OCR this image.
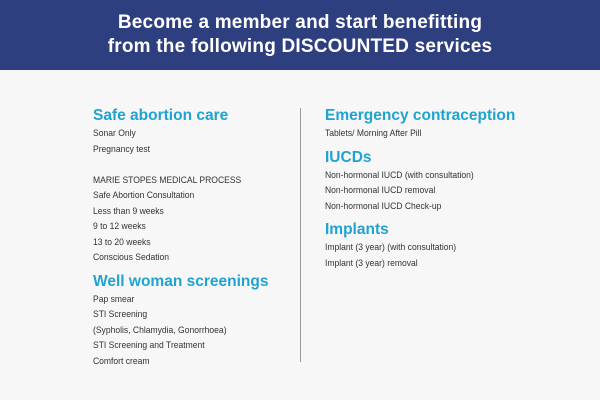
Become a member and start benefitting
from the following DISCOUNTED services
Safe abortion care
Sonar Only
Pregnancy test
MARIE STOPES MEDICAL PROCESS
Safe Abortion Consultation
Less than 9 weeks
9 to 12 weeks
13 to 20 weeks
Conscious Sedation
Well woman screenings
Pap smear
STI Screening
(Sypholis, Chlamydia, Gonorrhoea)
STI Screening and Treatment
Comfort cream
Emergency contraception
Tablets/ Morning After Pill
IUCDs
Non-hormonal IUCD (with consultation)
Non-hormonal IUCD removal
Non-hormonal IUCD Check-up
Implants
Implant (3 year) (with consultation)
Implant (3 year) removal
